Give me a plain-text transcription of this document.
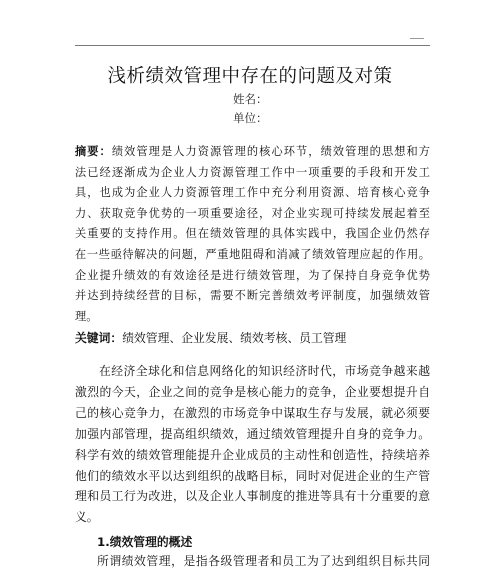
浅析绩效管理中存在的问题及对策
姓名：
单位：
摘要：绩效管理是人力资源管理的核心环节，绩效管理的思想和方
法已经逐渐成为企业人力资源管理工作中一项重要的手段和开发工
具，也成为企业人力资源管理工作中充分利用资源、培育核心竞争
力、获取竞争优势的一项重要途径，对企业实现可持续发展起着至
关重要的支持作用。但在绩效管理的具体实践中，我国企业仍然存
在一些亟待解决的问题，严重地阻碍和消减了绩效管理应起的作用。
企业提升绩效的有效途径是进行绩效管理，为了保持自身竞争优势
并达到持续经营的目标，需要不断完善绩效考评制度，加强绩效管
理。
关键词：绩效管理、企业发展、绩效考核、员工管理
在经济全球化和信息网络化的知识经济时代，市场竞争越来越
激烈的今天，企业之间的竞争是核心能力的竞争，企业要想提升自
己的核心竞争力，在激烈的市场竞争中谋取生存与发展，就必须要
加强内部管理，提高组织绩效，通过绩效管理提升自身的竞争力。
科学有效的绩效管理能提升企业成员的主动性和创造性，持续培养
他们的绩效水平以达到组织的战略目标，同时对促进企业的生产管
理和员工行为改进，以及企业人事制度的推进等具有十分重要的意
义。
1.绩效管理的概述
所谓绩效管理，是指各级管理者和员工为了达到组织目标共同
